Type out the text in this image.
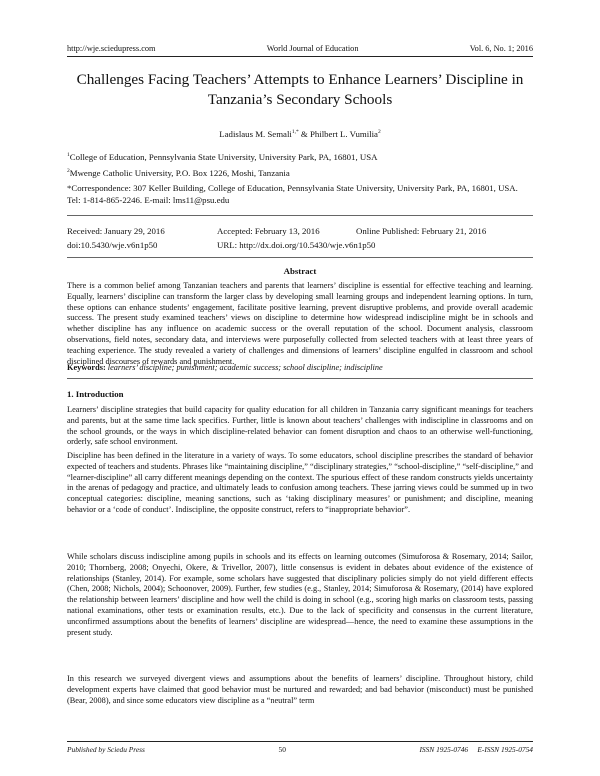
http://wje.sciedupress.com	World Journal of Education	Vol. 6, No. 1; 2016
Challenges Facing Teachers’ Attempts to Enhance Learners’ Discipline in Tanzania’s Secondary Schools
Ladislaus M. Semali$^{1,*}$ & Philbert L. Vumilia$^2$
$^1$College of Education, Pennsylvania State University, University Park, PA, 16801, USA
$^2$Mwenge Catholic University, P.O. Box 1226, Moshi, Tanzania
*Correspondence: 307 Keller Building, College of Education, Pennsylvania State University, University Park, PA, 16801, USA. Tel: 1-814-865-2246. E-mail: lms11@psu.edu
Received: January 29, 2016	Accepted: February 13, 2016	Online Published: February 21, 2016
doi:10.5430/wje.v6n1p50	URL: http://dx.doi.org/10.5430/wje.v6n1p50
Abstract
There is a common belief among Tanzanian teachers and parents that learners’ discipline is essential for effective teaching and learning. Equally, learners’ discipline can transform the larger class by developing small learning groups and independent learning options. In turn, these options can enhance students’ engagement, facilitate positive learning, prevent disruptive problems, and provide overall academic success. The present study examined teachers’ views on discipline to determine how widespread indiscipline might be in schools and whether discipline has any influence on academic success or the overall reputation of the school. Document analysis, classroom observations, field notes, secondary data, and interviews were purposefully collected from selected teachers with at least three years of teaching experience. The study revealed a variety of challenges and dimensions of learners’ discipline engulfed in classroom and school disciplined discourses of rewards and punishment.
Keywords: learners’ discipline; punishment; academic success; school discipline; indiscipline
1. Introduction
Learners’ discipline strategies that build capacity for quality education for all children in Tanzania carry significant meanings for teachers and parents, but at the same time lack specifics. Further, little is known about teachers’ challenges with indiscipline in classrooms and on the school grounds, or the ways in which discipline-related behavior can foment disruption and chaos to an otherwise well-functioning, orderly, safe school environment.
Discipline has been defined in the literature in a variety of ways. To some educators, school discipline prescribes the standard of behavior expected of teachers and students. Phrases like “maintaining discipline,” “disciplinary strategies,” “school-discipline,” “self-discipline,” and “learner-discipline” all carry different meanings depending on the context. The spurious effect of these random constructs yields uncertainty in the arenas of pedagogy and practice, and ultimately leads to confusion among teachers. These jarring views could be summed up in two conceptual categories: discipline, meaning sanctions, such as ‘taking disciplinary measures’ or punishment; and discipline, meaning behavior or a ‘code of conduct’. Indiscipline, the opposite construct, refers to “inappropriate behavior”.
While scholars discuss indiscipline among pupils in schools and its effects on learning outcomes (Simuforosa & Rosemary, 2014; Sailor, 2010; Thornberg, 2008; Onyechi, Okere, & Trivellor, 2007), little consensus is evident in debates about evidence of the existence of relationships (Stanley, 2014). For example, some scholars have suggested that disciplinary policies simply do not yield different effects (Chen, 2008; Nichols, 2004); Schoonover, 2009). Further, few studies (e.g., Stanley, 2014; Simuforosa & Rosemary, (2014) have explored the relationship between learners’ discipline and how well the child is doing in school (e.g., scoring high marks on classroom tests, passing national examinations, other tests or examination results, etc.). Due to the lack of specificity and consensus in the current literature, unconfirmed assumptions about the benefits of learners’ discipline are widespread—hence, the need to examine these assumptions in the present study.
In this research we surveyed divergent views and assumptions about the benefits of learners’ discipline. Throughout history, child development experts have claimed that good behavior must be nurtured and rewarded; and bad behavior (misconduct) must be punished (Bear, 2008), and since some educators view discipline as a “neutral” term
Published by Sciedu Press	50	ISSN 1925-0746     E-ISSN 1925-0754
